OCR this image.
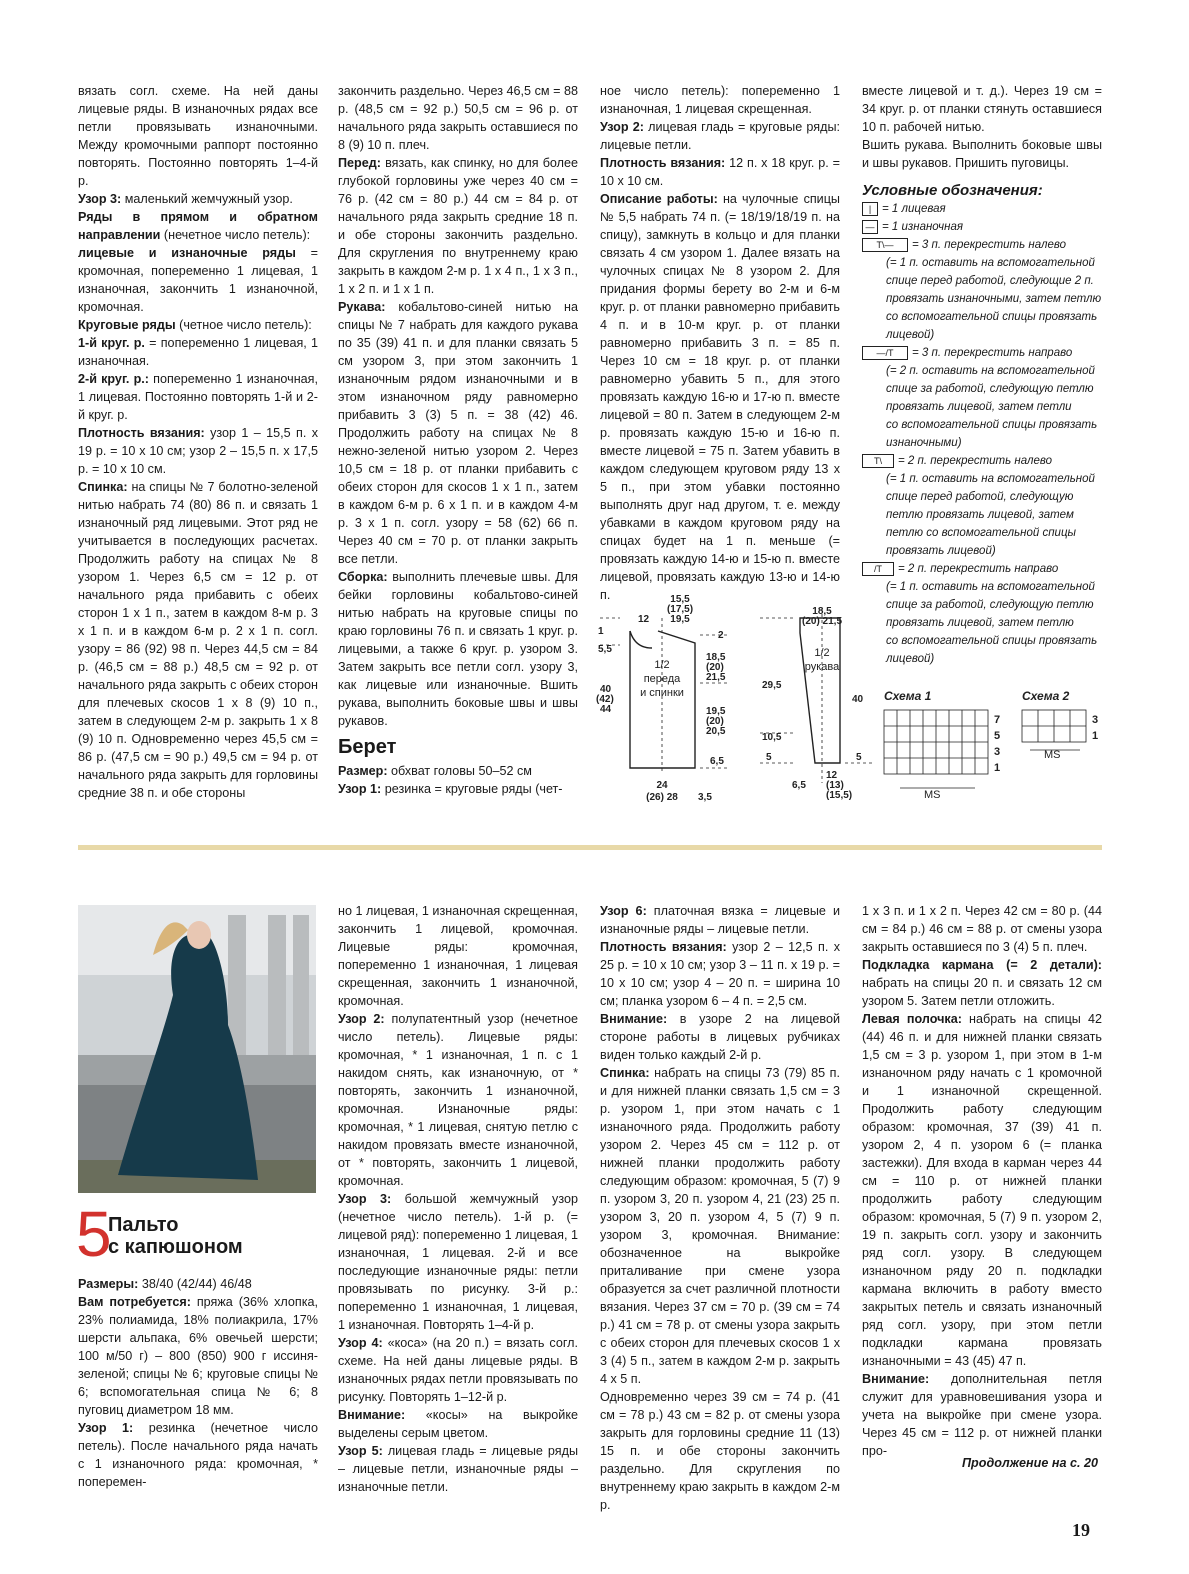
вязать согл. схеме. На ней даны лицевые ряды. В изнаночных рядах все петли провязывать изнаночными. Между кромочными раппорт постоянно повторять. Постоянно повторять 1–4-й р.

Узор 3: маленький жемчужный узор.

Ряды в прямом и обратном направлении (нечетное число петель):

лицевые и изнаночные ряды = кромочная, попеременно 1 лицевая, 1 изнаночная, закончить 1 изнаночной, кромочная.

Круговые ряды (четное число петель):

1-й круг. р. = попеременно 1 лицевая, 1 изнаночная.

2-й круг. р.: попеременно 1 изнаночная, 1 лицевая. Постоянно повторять 1-й и 2-й круг. р.

Плотность вязания: узор 1 – 15,5 п. х 19 р. = 10 х 10 см; узор 2 – 15,5 п. х 17,5 р. = 10 х 10 см.

Спинка: на спицы № 7 болотно-зеленой нитью набрать 74 (80) 86 п. и связать 1 изнаночный ряд лицевыми. Этот ряд не учитывается в последующих расчетах. Продолжить работу на спицах № 8 узором 1. Через 6,5 см = 12 р. от начального ряда прибавить с обеих сторон 1 х 1 п., затем в каждом 8-м р. 3 х 1 п. и в каждом 6-м р. 2 х 1 п. согл. узору = 86 (92) 98 п. Через 44,5 см = 84 р. (46,5 см = 88 р.) 48,5 см = 92 р. от начального ряда закрыть с обеих сторон для плечевых скосов 1 х 8 (9) 10 п., затем в следующем 2-м р. закрыть 1 х 8 (9) 10 п. Одновременно через 45,5 см = 86 р. (47,5 см = 90 р.) 49,5 см = 94 р. от начального ряда закрыть для горловины средние 38 п. и обе стороны

закончить раздельно. Через 46,5 см = 88 р. (48,5 см = 92 р.) 50,5 см = 96 р. от начального ряда закрыть оставшиеся по 8 (9) 10 п. плеч.

Перед: вязать, как спинку, но для более глубокой горловины уже через 40 см = 76 р. (42 см = 80 р.) 44 см = 84 р. от начального ряда закрыть средние 18 п. и обе стороны закончить раздельно. Для скругления по внутреннему краю закрыть в каждом 2-м р. 1 х 4 п., 1 х 3 п., 1 х 2 п. и 1 х 1 п.

Рукава: кобальтово-синей нитью на спицы № 7 набрать для каждого рукава по 35 (39) 41 п. и для планки связать 5 см узором 3, при этом закончить 1 изнаночным рядом изнаночными и в этом изнаночном ряду равномерно прибавить 3 (3) 5 п. = 38 (42) 46. Продолжить работу на спицах № 8 нежно-зеленой нитью узором 2. Через 10,5 см = 18 р. от планки прибавить с обеих сторон для скосов 1 х 1 п., затем в каждом 6-м р. 6 х 1 п. и в каждом 4-м р. 3 х 1 п. согл. узору = 58 (62) 66 п. Через 40 см = 70 р. от планки закрыть все петли.

Сборка: выполнить плечевые швы. Для бейки горловины кобальтово-синей нитью набрать на круговые спицы по краю горловины 76 п. и связать 1 круг. р. лицевыми, а также 6 круг. р. узором 3. Затем закрыть все петли согл. узору 3, как лицевые или изнаночные. Вшить рукава, выполнить боковые швы и швы рукавов.

Берет

Размер: обхват головы 50–52 см

Узор 1: резинка = круговые ряды (чет-

ное число петель): попеременно 1 изнаночная, 1 лицевая скрещенная.

Узор 2: лицевая гладь = круговые ряды: лицевые петли.

Плотность вязания: 12 п. х 18 круг. р. = 10 х 10 см.

Описание работы: на чулочные спицы № 5,5 набрать 74 п. (= 18/19/18/19 п. на спицу), замкнуть в кольцо и для планки связать 4 см узором 1. Далее вязать на чулочных спицах № 8 узором 2. Для придания формы берету во 2-м и 6-м круг. р. от планки равномерно прибавить 4 п. и в 10-м круг. р. от планки равномерно прибавить 3 п. = 85 п. Через 10 см = 18 круг. р. от планки равномерно убавить 5 п., для этого провязать каждую 16-ю и 17-ю п. вместе лицевой = 80 п. Затем в следующем 2-м р. провязать каждую 15-ю и 16-ю п. вместе лицевой = 75 п. Затем убавить в каждом следующем круговом ряду 13 х 5 п., при этом убавки постоянно выполнять друг над другом, т. е. между убавками в каждом круговом ряду на спицах будет на 1 п. меньше (= провязать каждую 14-ю и 15-ю п. вместе лицевой, провязать каждую 13-ю и 14-ю п.

вместе лицевой и т. д.). Через 19 см = 34 круг. р. от планки стянуть оставшиеся 10 п. рабочей нитью.

Вшить рукава. Выполнить боковые швы и швы рукавов. Пришить пуговицы.

Условные обозначения:
| = 1 лицевая
— = 1 изнаночная
T\— = 3 п. перекрестить налево
(= 1 п. оставить на вспомогательной
спице перед работой, следующие 2 п.
провязать изнаночными, затем петлю
со вспомогательной спицы провязать
лицевой)
—/T = 3 п. перекрестить направо
(= 2 п. оставить на вспомогательной
спице за работой, следующую петлю
провязать лицевой, затем петли
со вспомогательной спицы провязать
изнаночными)
T\ = 2 п. перекрестить налево
(= 1 п. оставить на вспомогательной
спице перед работой, следующую
петлю провязать лицевой, затем
петлю со вспомогательной спицы
провязать лицевой)
/T = 2 п. перекрестить направо
(= 1 п. оставить на вспомогательной
спице за работой, следующую петлю
провязать лицевой, затем петлю
со вспомогательной спицы провязать
лицевой)
15,5
(17,5)
19,5
12
1
5,5
2
18,5
(20)
21,5
40
(42)
44	19,5
(20)
20,5
6,5
24
(26) 28 3,5
18,5
(20) 21,5
29,5
40
10,5
5	5
12
(13)
(15,5)
6,5
1/2
переда
и спинки
1/2
рукава
Схема 1	Схема 2
7
5
3
1
3
1
MS
MS
5
Пальто
с капюшоном

Размеры: 38/40 (42/44) 46/48

Вам потребуется: пряжа (36% хлопка, 23% полиамида, 18% полиакрила, 17% шерсти альпака, 6% овечьей шерсти; 100 м/50 г) – 800 (850) 900 г иссиня-зеленой; спицы № 6; круговые спицы № 6; вспомогательная спица № 6; 8 пуговиц диаметром 18 мм.

Узор 1: резинка (нечетное число петель). После начального ряда начать с 1 изнаночного ряда: кромочная, * поперемен-

но 1 лицевая, 1 изнаночная скрещенная, закончить 1 лицевой, кромочная. Лицевые ряды: кромочная, попеременно 1 изнаночная, 1 лицевая скрещенная, закончить 1 изнаночной, кромочная.

Узор 2: полупатентный узор (нечетное число петель). Лицевые ряды: кромочная, * 1 изнаночная, 1 п. с 1 накидом снять, как изнаночную, от * повторять, закончить 1 изнаночной, кромочная. Изнаночные ряды: кромочная, * 1 лицевая, снятую петлю с накидом провязать вместе изнаночной, от * повторять, закончить 1 лицевой, кромочная.

Узор 3: большой жемчужный узор (нечетное число петель). 1-й р. (= лицевой ряд): попеременно 1 лицевая, 1 изнаночная, 1 лицевая. 2-й и все последующие изнаночные ряды: петли провязывать по рисунку. 3-й р.: попеременно 1 изнаночная, 1 лицевая, 1 изнаночная. Повторять 1–4-й р.

Узор 4: «коса» (на 20 п.) = вязать согл. схеме. На ней даны лицевые ряды. В изнаночных рядах петли провязывать по рисунку. Повторять 1–12-й р.

Внимание: «косы» на выкройке выделены серым цветом.

Узор 5: лицевая гладь = лицевые ряды – лицевые петли, изнаночные ряды – изнаночные петли.

Узор 6: платочная вязка = лицевые и изнаночные ряды – лицевые петли.

Плотность вязания: узор 2 – 12,5 п. х 25 р. = 10 х 10 см; узор 3 – 11 п. х 19 р. = 10 х 10 см; узор 4 – 20 п. = ширина 10 см; планка узором 6 – 4 п. = 2,5 см.

Внимание: в узоре 2 на лицевой стороне работы в лицевых рубчиках виден только каждый 2-й р.

Спинка: набрать на спицы 73 (79) 85 п. и для нижней планки связать 1,5 см = 3 р. узором 1, при этом начать с 1 изнаночного ряда. Продолжить работу узором 2. Через 45 см = 112 р. от нижней планки продолжить работу следующим образом: кромочная, 5 (7) 9 п. узором 3, 20 п. узором 4, 21 (23) 25 п. узором 3, 20 п. узором 4, 5 (7) 9 п. узором 3, кромочная. Внимание: обозначенное на выкройке приталивание при смене узора образуется за счет различной плотности вязания. Через 37 см = 70 р. (39 см = 74 р.) 41 см = 78 р. от смены узора закрыть с обеих сторон для плечевых скосов 1 х 3 (4) 5 п., затем в каждом 2-м р. закрыть 4 х 5 п.

Одновременно через 39 см = 74 р. (41 см = 78 р.) 43 см = 82 р. от смены узора закрыть для горловины средние 11 (13) 15 п. и обе стороны закончить раздельно. Для скругления по внутреннему краю закрыть в каждом 2-м р.

1 х 3 п. и 1 х 2 п. Через 42 см = 80 р. (44 см = 84 р.) 46 см = 88 р. от смены узора закрыть оставшиеся по 3 (4) 5 п. плеч.

Подкладка кармана (= 2 детали): набрать на спицы 20 п. и связать 12 см узором 5. Затем петли отложить.

Левая полочка: набрать на спицы 42 (44) 46 п. и для нижней планки связать 1,5 см = 3 р. узором 1, при этом в 1-м изнаночном ряду начать с 1 кромочной и 1 изнаночной скрещенной. Продолжить работу следующим образом: кромочная, 37 (39) 41 п. узором 2, 4 п. узором 6 (= планка застежки). Для входа в карман через 44 см = 110 р. от нижней планки продолжить работу следующим образом: кромочная, 5 (7) 9 п. узором 2, 19 п. закрыть согл. узору и закончить ряд согл. узору. В следующем изнаночном ряду 20 п. подкладки кармана включить в работу вместо закрытых петель и связать изнаночный ряд согл. узору, при этом петли подкладки кармана провязать изнаночными = 43 (45) 47 п.

Внимание: дополнительная петля служит для уравновешивания узора и учета на выкройке при смене узора. Через 45 см = 112 р. от нижней планки про-

Продолжение на с. 20
19
